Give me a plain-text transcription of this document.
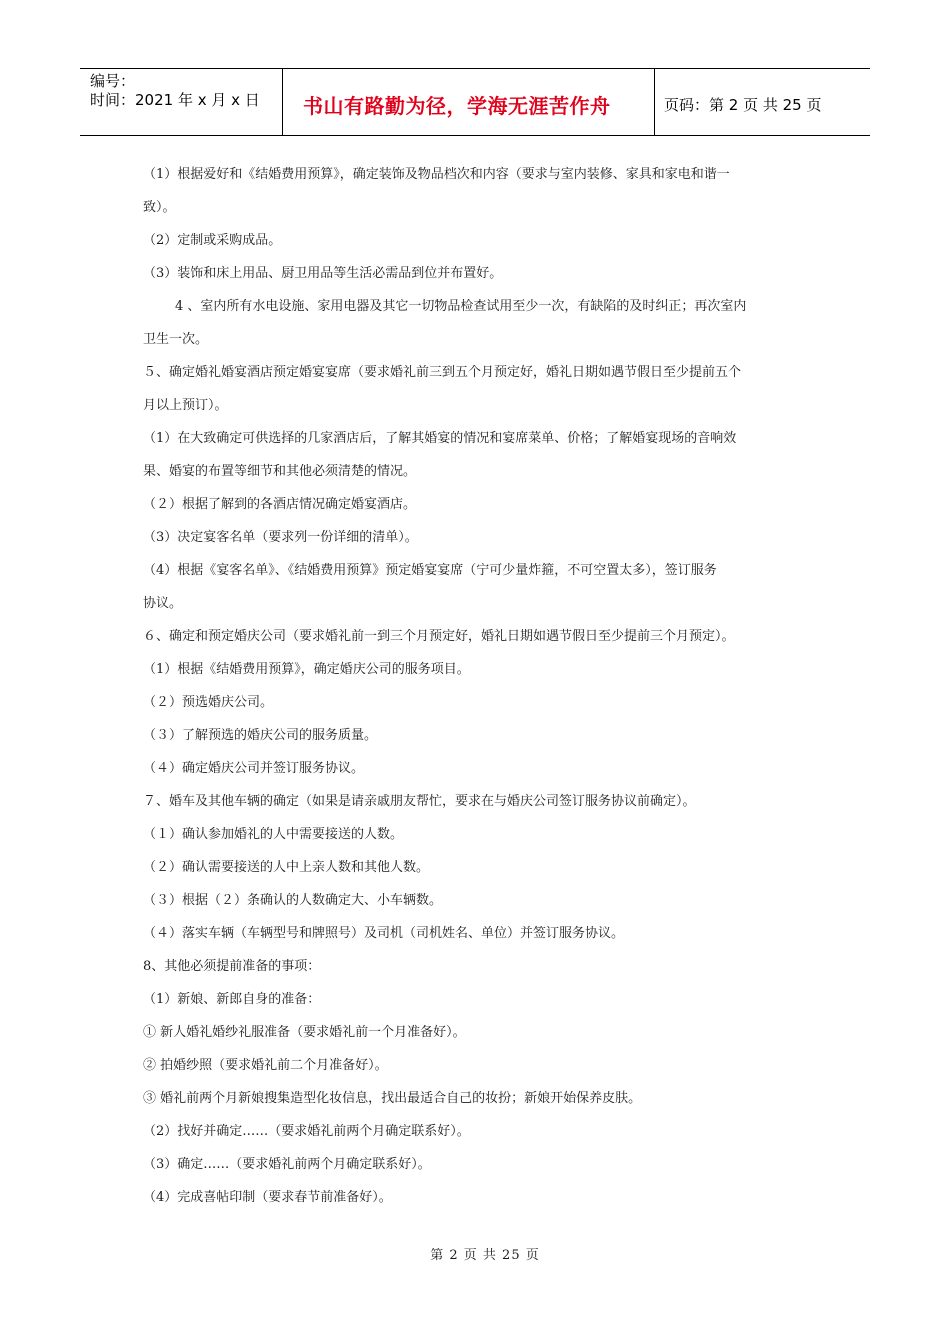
编号：
时间：2021 年 x 月 x 日	书山有路勤为径，学海无涯苦作舟	页码：第 2 页 共 25 页

（1）根据爱好和《结婚费用预算》，确定装饰及物品档次和内容（要求与室内装修、家具和家电和谐一

致）。

（2）定制或采购成品。

（3）装饰和床上用品、厨卫用品等生活必需品到位并布置好。

4 、室内所有水电设施、家用电器及其它一切物品检查试用至少一次，有缺陷的及时纠正；再次室内

卫生一次。

５、确定婚礼婚宴酒店预定婚宴宴席（要求婚礼前三到五个月预定好，婚礼日期如遇节假日至少提前五个

月以上预订）。

（1）在大致确定可供选择的几家酒店后，了解其婚宴的情况和宴席菜单、价格；了解婚宴现场的音响效

果、婚宴的布置等细节和其他必须清楚的情况。

（２）根据了解到的各酒店情况确定婚宴酒店。

（3）决定宴客名单（要求列一份详细的清单）。

（4）根据《宴客名单》、《结婚费用预算》预定婚宴宴席（宁可少量炸箍，不可空置太多），签订服务

协议。

６、确定和预定婚庆公司（要求婚礼前一到三个月预定好，婚礼日期如遇节假日至少提前三个月预定）。

（1）根据《结婚费用预算》，确定婚庆公司的服务项目。

（２）预选婚庆公司。

（３）了解预选的婚庆公司的服务质量。

（４）确定婚庆公司并签订服务协议。

７、婚车及其他车辆的确定（如果是请亲戚朋友帮忙，要求在与婚庆公司签订服务协议前确定）。

（１）确认参加婚礼的人中需要接送的人数。

（２）确认需要接送的人中上亲人数和其他人数。

（３）根据（２）条确认的人数确定大、小车辆数。

（４）落实车辆（车辆型号和牌照号）及司机（司机姓名、单位）并签订服务协议。

8、其他必须提前准备的事项：

（1）新娘、新郎自身的准备：

① 新人婚礼婚纱礼服准备（要求婚礼前一个月准备好）。

② 拍婚纱照（要求婚礼前二个月准备好）。

③ 婚礼前两个月新娘搜集造型化妆信息，找出最适合自己的妆扮；新娘开始保养皮肤。

（2）找好并确定……（要求婚礼前两个月确定联系好）。

（3）确定……（要求婚礼前两个月确定联系好）。

（4）完成喜帖印制（要求春节前准备好）。

第 2 页 共 25 页
